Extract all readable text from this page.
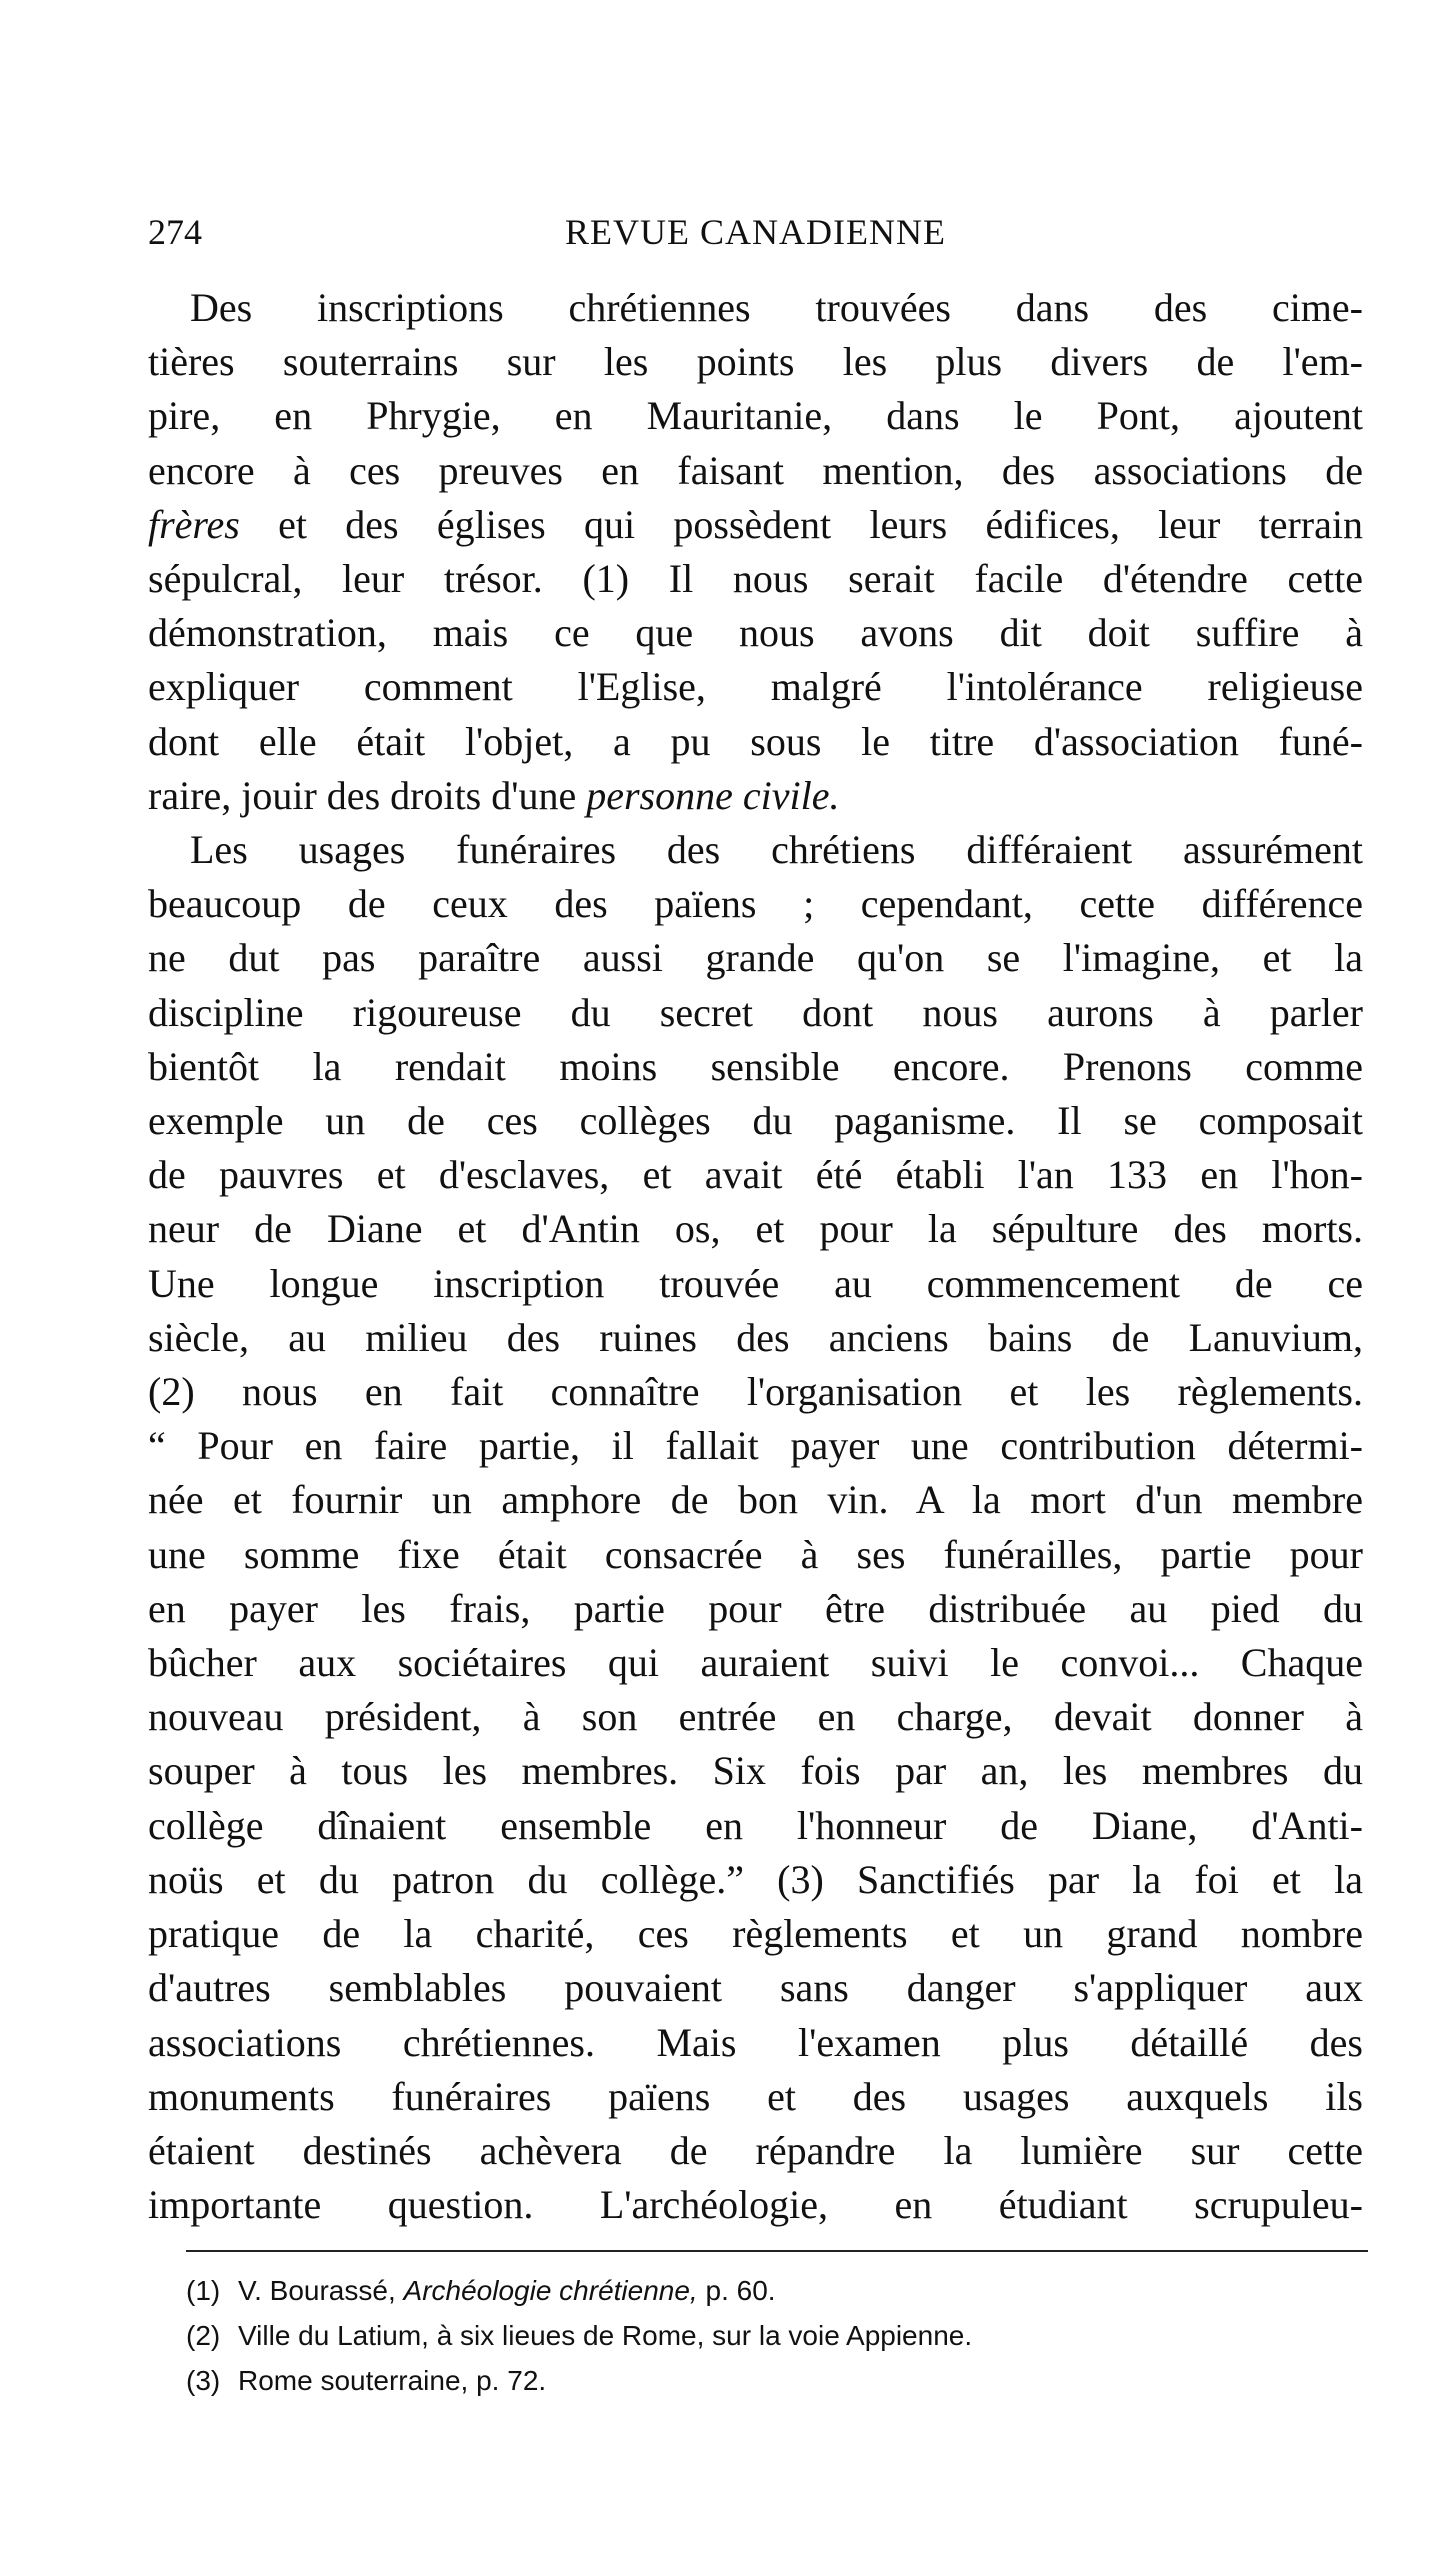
274	REVUE CANADIENNE

Des inscriptions chrétiennes trouvées dans des cime-
tières souterrains sur les points les plus divers de l'em-
pire, en Phrygie, en Mauritanie, dans le Pont, ajoutent
encore à ces preuves en faisant mention, des associations de
frères et des églises qui possèdent leurs édifices, leur terrain
sépulcral, leur trésor. (1) Il nous serait facile d'étendre cette
démonstration, mais ce que nous avons dit doit suffire à
expliquer comment l'Eglise, malgré l'intolérance religieuse
dont elle était l'objet, a pu sous le titre d'association funé-
raire, jouir des droits d'une personne civile.

Les usages funéraires des chrétiens différaient assurément
beaucoup de ceux des païens ; cependant, cette différence
ne dut pas paraître aussi grande qu'on se l'imagine, et la
discipline rigoureuse du secret dont nous aurons à parler
bientôt la rendait moins sensible encore. Prenons comme
exemple un de ces collèges du paganisme. Il se composait
de pauvres et d'esclaves, et avait été établi l'an 133 en l'hon-
neur de Diane et d'Antin os, et pour la sépulture des morts.
Une longue inscription trouvée au commencement de ce
siècle, au milieu des ruines des anciens bains de Lanuvium,
(2) nous en fait connaître l'organisation et les règlements.
“ Pour en faire partie, il fallait payer une contribution détermi-
née et fournir un amphore de bon vin. A la mort d'un membre
une somme fixe était consacrée à ses funérailles, partie pour
en payer les frais, partie pour être distribuée au pied du
bûcher aux sociétaires qui auraient suivi le convoi... Chaque
nouveau président, à son entrée en charge, devait donner à
souper à tous les membres. Six fois par an, les membres du
collège dînaient ensemble en l'honneur de Diane, d'Anti-
noüs et du patron du collège.” (3) Sanctifiés par la foi et la
pratique de la charité, ces règlements et un grand nombre
d'autres semblables pouvaient sans danger s'appliquer aux
associations chrétiennes. Mais l'examen plus détaillé des
monuments funéraires païens et des usages auxquels ils
étaient destinés achèvera de répandre la lumière sur cette
importante question. L'archéologie, en étudiant scrupuleu-

(1) V. Bourassé, Archéologie chrétienne, p. 60.
(2) Ville du Latium, à six lieues de Rome, sur la voie Appienne.
(3) Rome souterraine, p. 72.
